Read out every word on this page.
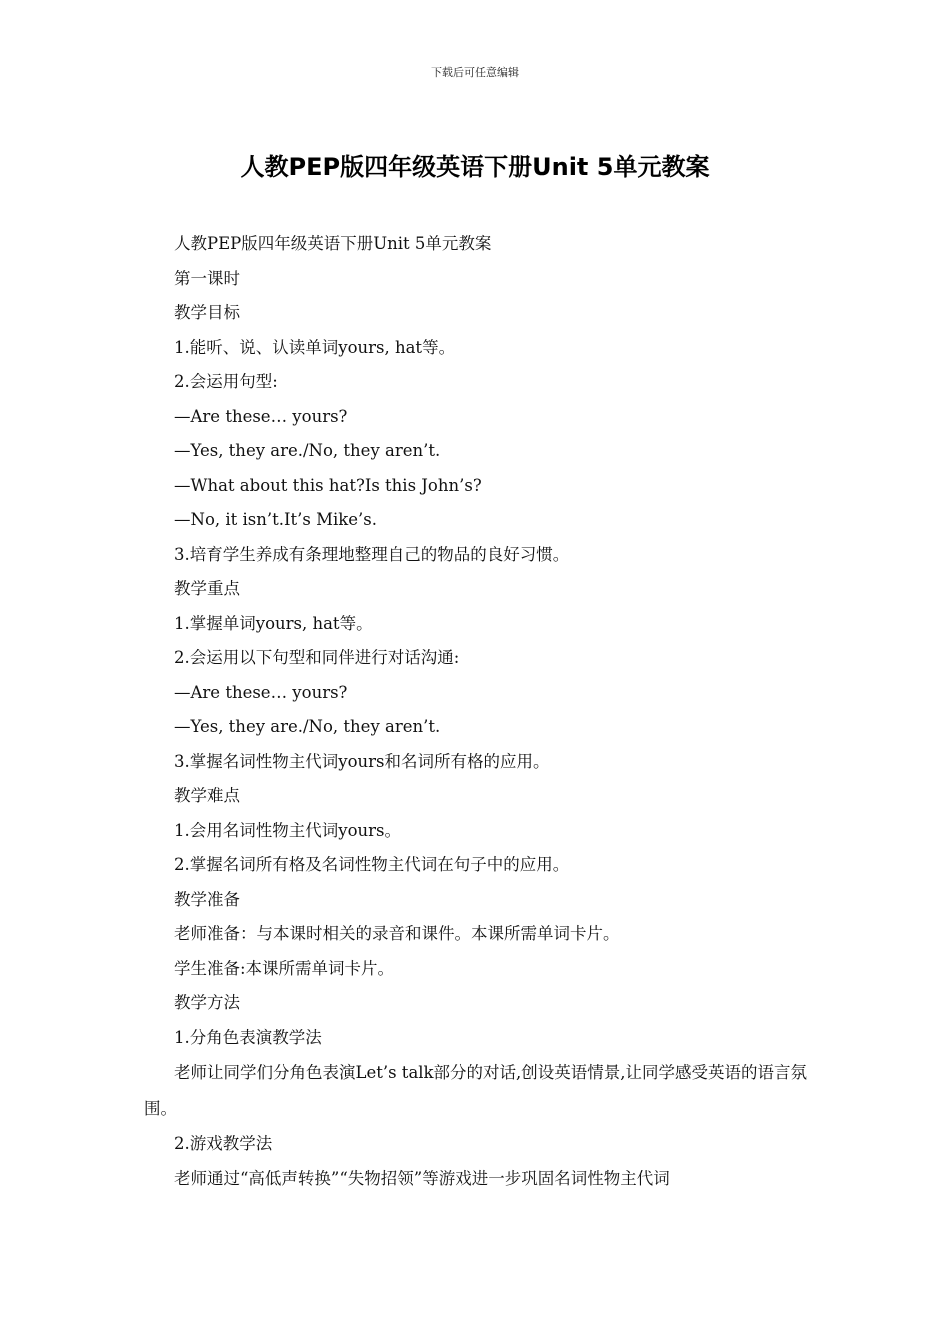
下载后可任意编辑
人教PEP版四年级英语下册Unit 5单元教案
人教PEP版四年级英语下册Unit 5单元教案
第一课时
教学目标
1.能听、说、认读单词yours, hat等。
2.会运用句型:
—Are these… yours?
—Yes, they are./No, they aren’t.
—What about this hat?Is this John’s?
—No, it isn’t.It’s Mike’s.
3.培育学生养成有条理地整理自己的物品的良好习惯。
教学重点
1.掌握单词yours, hat等。
2.会运用以下句型和同伴进行对话沟通:
—Are these… yours?
—Yes, they are./No, they aren’t.
3.掌握名词性物主代词yours和名词所有格的应用。
教学难点
1.会用名词性物主代词yours。
2.掌握名词所有格及名词性物主代词在句子中的应用。
教学准备
老师准备：与本课时相关的录音和课件。本课所需单词卡片。
学生准备:本课所需单词卡片。
教学方法
1.分角色表演教学法

老师让同学们分角色表演Let’s talk部分的对话,创设英语情景,让同学感受英语的语言氛围。

2.游戏教学法
老师通过“高低声转换”“失物招领”等游戏进一步巩固名词性物主代词
